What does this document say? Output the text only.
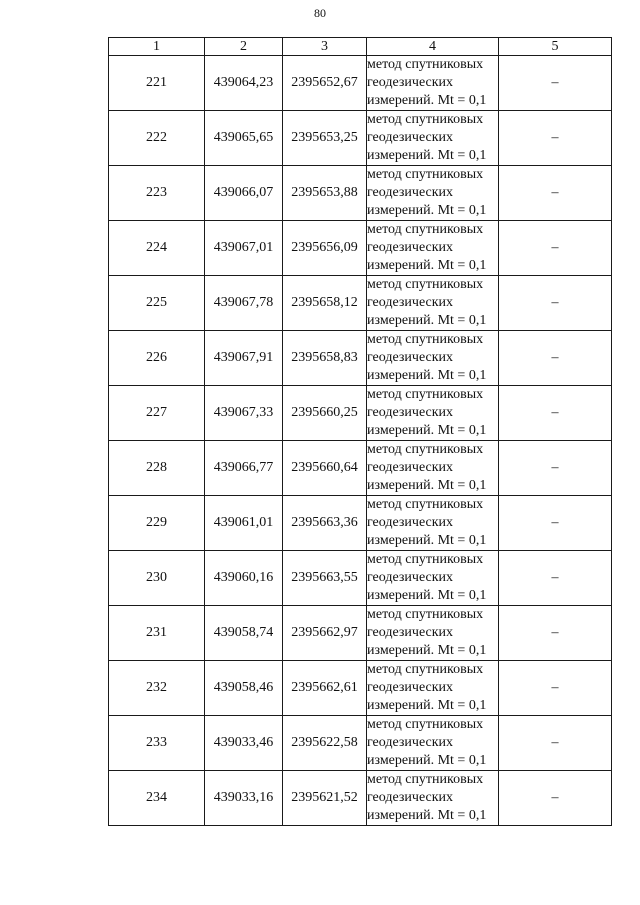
80
1	2	3	4	5
221	439064,23	2395652,67	метод спутниковых
геодезических
измерений. Mt = 0,1	–
222	439065,65	2395653,25	метод спутниковых
геодезических
измерений. Mt = 0,1	–
223	439066,07	2395653,88	метод спутниковых
геодезических
измерений. Mt = 0,1	–
224	439067,01	2395656,09	метод спутниковых
геодезических
измерений. Mt = 0,1	–
225	439067,78	2395658,12	метод спутниковых
геодезических
измерений. Mt = 0,1	–
226	439067,91	2395658,83	метод спутниковых
геодезических
измерений. Mt = 0,1	–
227	439067,33	2395660,25	метод спутниковых
геодезических
измерений. Mt = 0,1	–
228	439066,77	2395660,64	метод спутниковых
геодезических
измерений. Mt = 0,1	–
229	439061,01	2395663,36	метод спутниковых
геодезических
измерений. Mt = 0,1	–
230	439060,16	2395663,55	метод спутниковых
геодезических
измерений. Mt = 0,1	–
231	439058,74	2395662,97	метод спутниковых
геодезических
измерений. Mt = 0,1	–
232	439058,46	2395662,61	метод спутниковых
геодезических
измерений. Mt = 0,1	–
233	439033,46	2395622,58	метод спутниковых
геодезических
измерений. Mt = 0,1	–
234	439033,16	2395621,52	метод спутниковых
геодезических
измерений. Mt = 0,1	–
